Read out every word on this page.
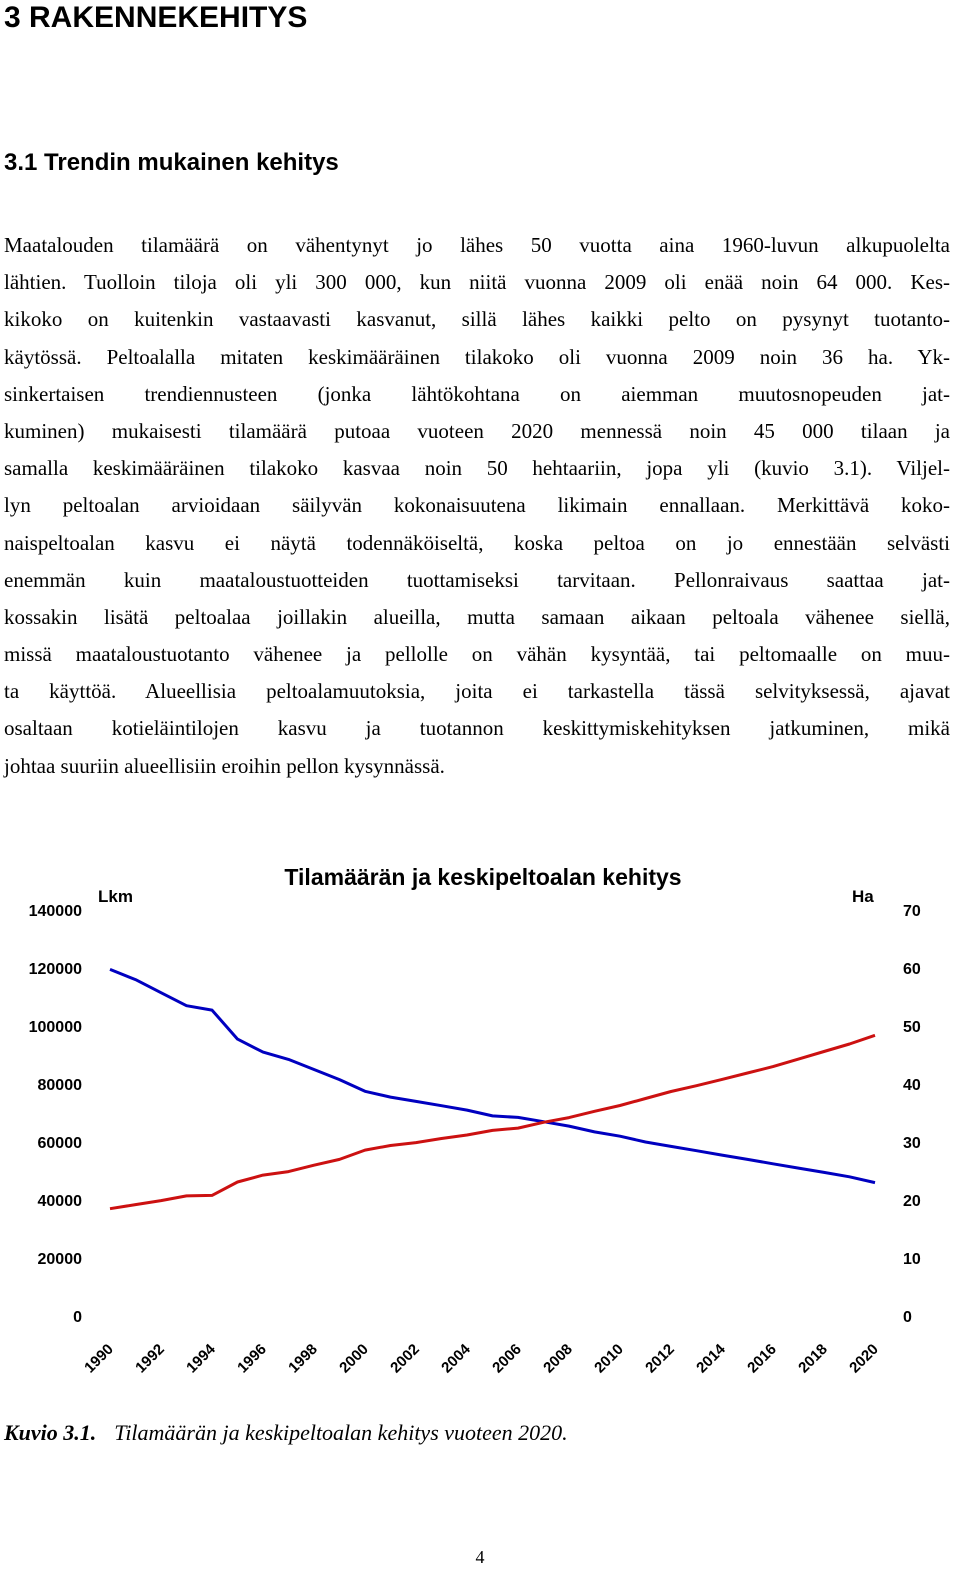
3 RAKENNEKEHITYS
3.1 Trendin mukainen kehitys
Maatalouden tilamäärä on vähentynyt jo lähes 50 vuotta aina 1960-luvun alkupuolelta
lähtien. Tuolloin tiloja oli yli 300 000, kun niitä vuonna 2009 oli enää noin 64 000. Kes-
kikoko on kuitenkin vastaavasti kasvanut, sillä lähes kaikki pelto on pysynyt tuotanto-
käytössä. Peltoalalla mitaten keskimääräinen tilakoko oli vuonna 2009 noin 36 ha. Yk-
sinkertaisen trendiennusteen (jonka lähtökohtana on aiemman muutosnopeuden jat-
kuminen) mukaisesti tilamäärä putoaa vuoteen 2020 mennessä noin 45 000 tilaan ja
samalla keskimääräinen tilakoko kasvaa noin 50 hehtaariin, jopa yli (kuvio 3.1). Viljel-
lyn peltoalan arvioidaan säilyvän kokonaisuutena likimain ennallaan. Merkittävä koko-
naispeltoalan kasvu ei näytä todennäköiseltä, koska peltoa on jo ennestään selvästi
enemmän kuin maataloustuotteiden tuottamiseksi tarvitaan. Pellonraivaus saattaa jat-
kossakin lisätä peltoalaa joillakin alueilla, mutta samaan aikaan peltoala vähenee siellä,
missä maataloustuotanto vähenee ja pellolle on vähän kysyntää, tai peltomaalle on muu-
ta käyttöä. Alueellisia peltoalamuutoksia, joita ei tarkastella tässä selvityksessä, ajavat
osaltaan kotieläintilojen kasvu ja tuotannon keskittymiskehityksen jatkuminen, mikä
johtaa suuriin alueellisiin eroihin pellon kysynnässä.
Tilamäärän ja keskipeltoalan kehitys
Lkm	Ha
0
20000
40000
60000
80000
100000
120000
140000
0
10
20
30
40
50
60
70
1990 1992 1994 1996 1998 2000 2002 2004 2006 2008 2010 2012 2014 2016 2018 2020
Kuvio 3.1. Tilamäärän ja keskipeltoalan kehitys vuoteen 2020.
4
